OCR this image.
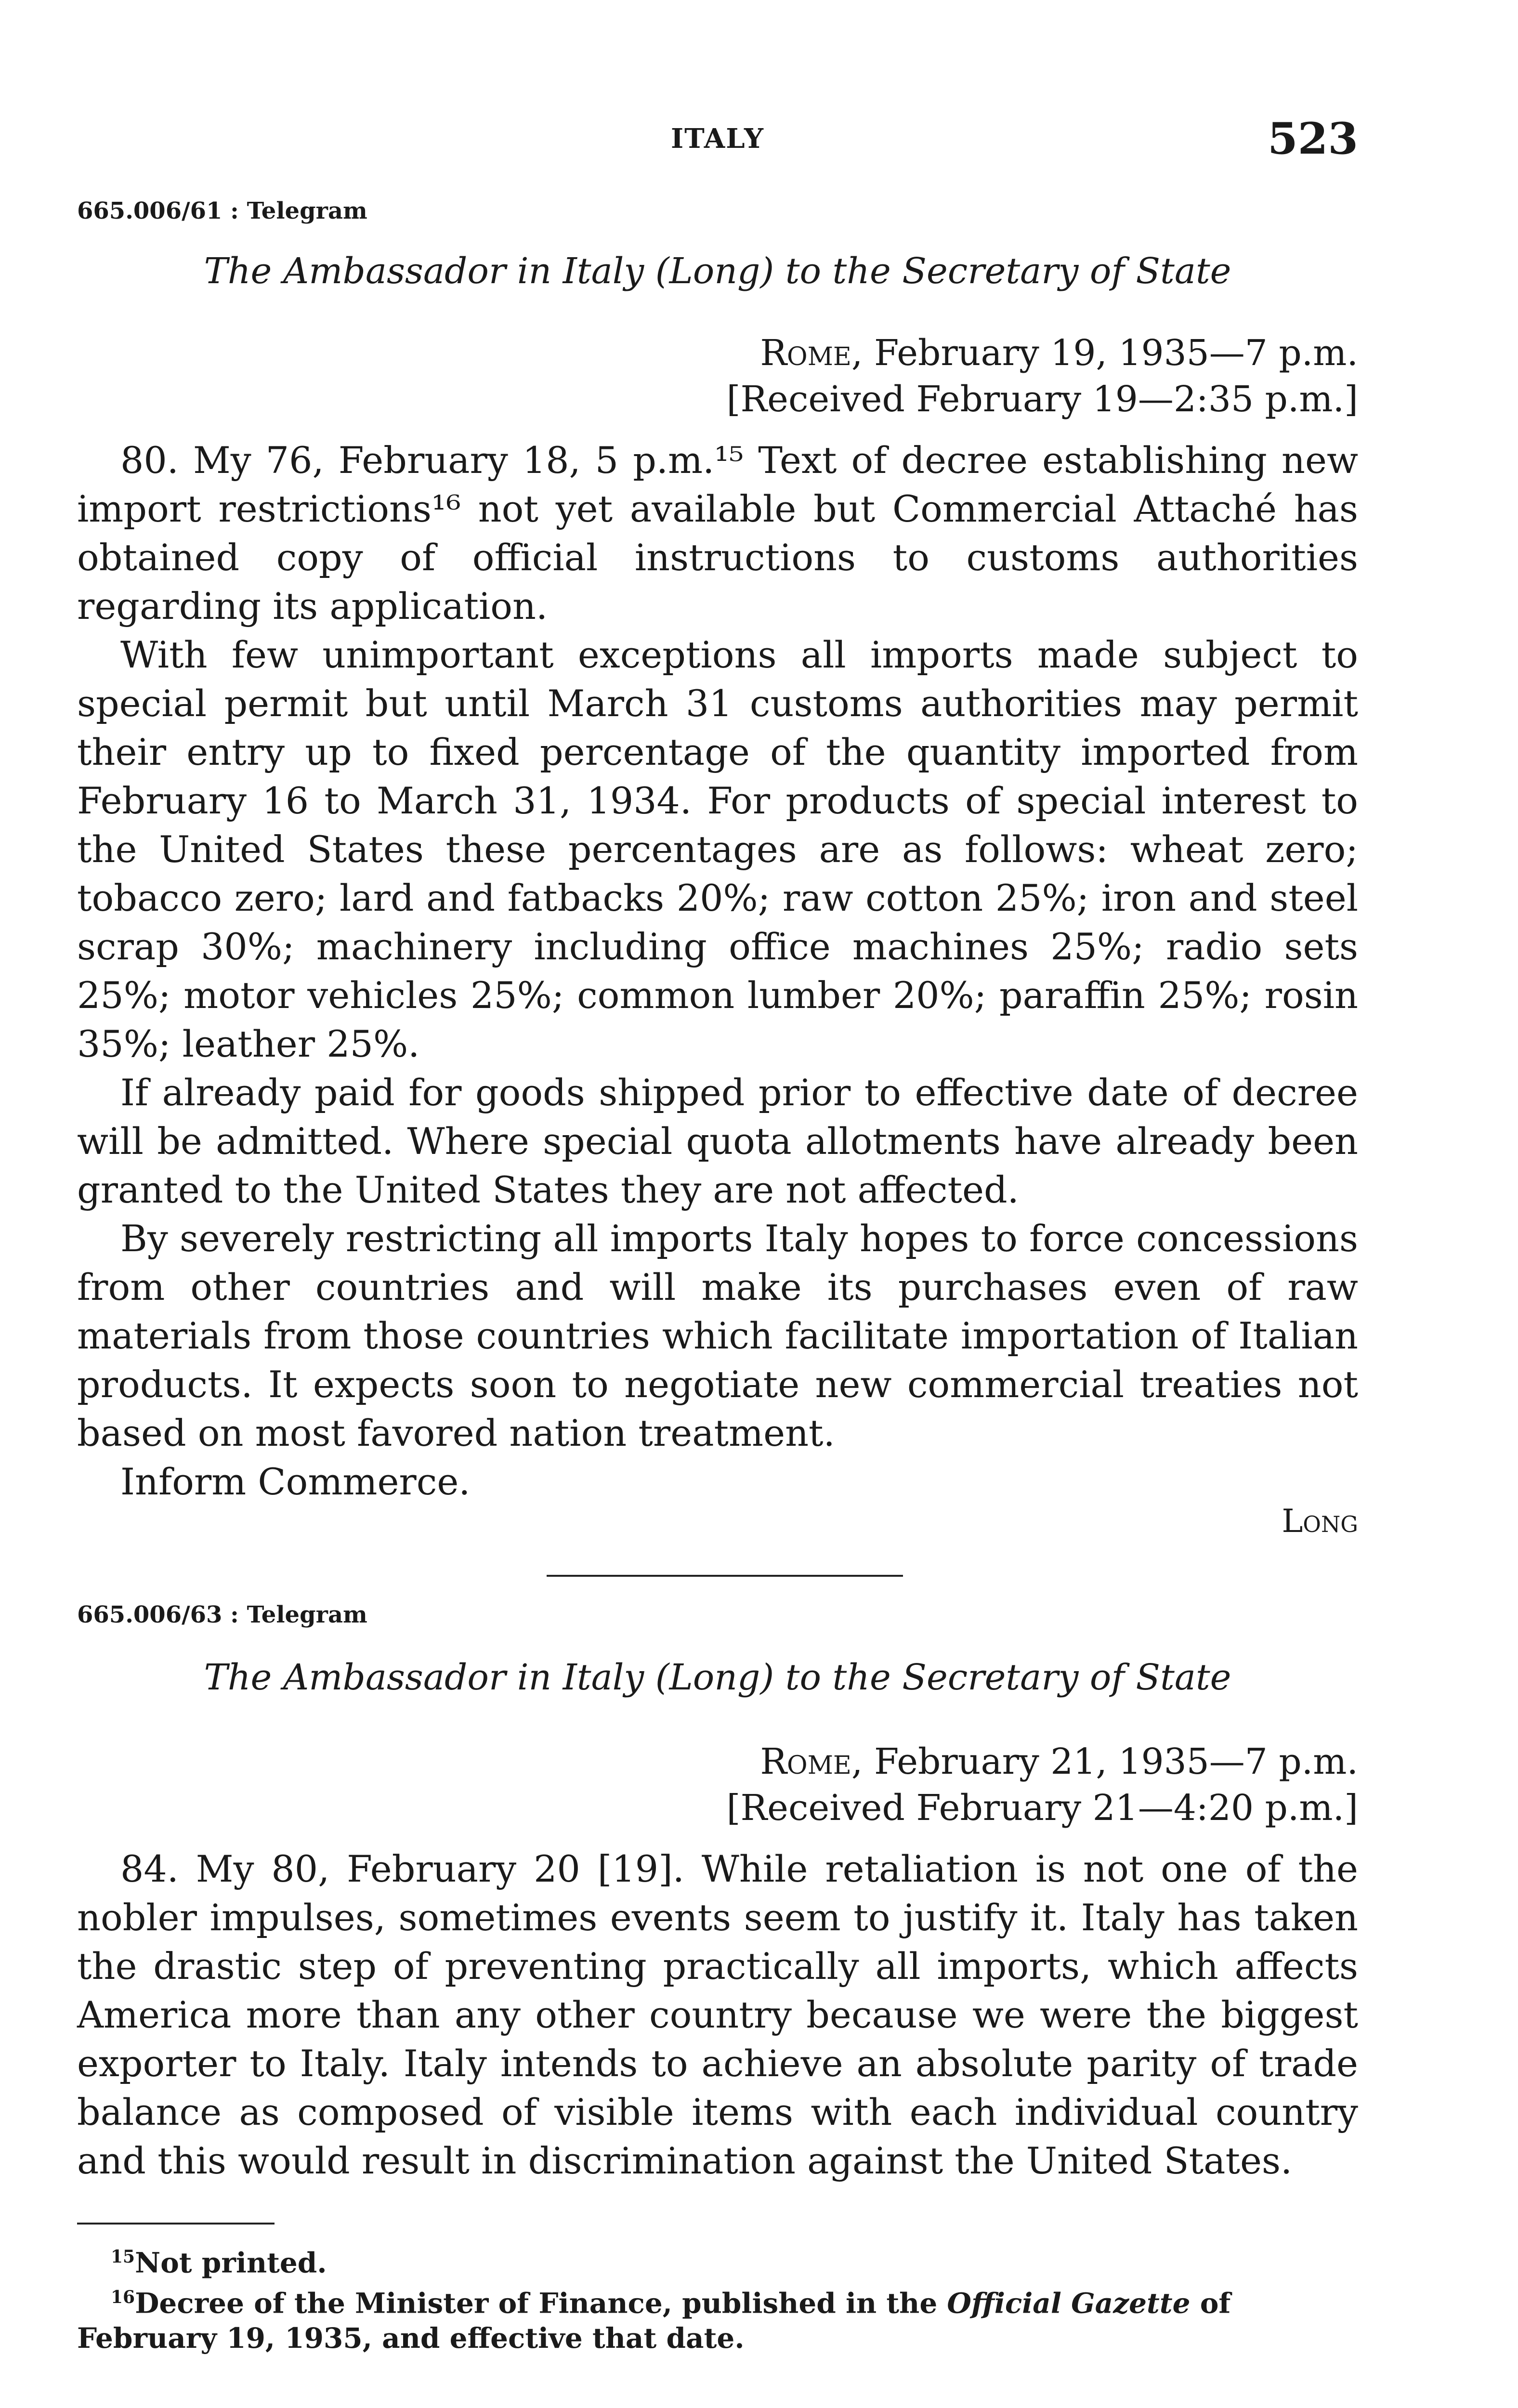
ITALY	523
665.006/61 : Telegram
The Ambassador in Italy (Long) to the Secretary of State
Rome, February 19, 1935—7 p.m.
[Received February 19—2:35 p.m.]

80. My 76, February 18, 5 p.m.¹⁵ Text of decree establishing new import restrictions¹⁶ not yet available but Commercial Attaché has obtained copy of official instructions to customs authorities regarding its application.

With few unimportant exceptions all imports made subject to special permit but until March 31 customs authorities may permit their entry up to fixed percentage of the quantity imported from February 16 to March 31, 1934. For products of special interest to the United States these percentages are as follows: wheat zero; tobacco zero; lard and fatbacks 20%; raw cotton 25%; iron and steel scrap 30%; machinery including office machines 25%; radio sets 25%; motor vehicles 25%; common lumber 20%; paraffin 25%; rosin 35%; leather 25%.

If already paid for goods shipped prior to effective date of decree will be admitted. Where special quota allotments have already been granted to the United States they are not affected.

By severely restricting all imports Italy hopes to force concessions from other countries and will make its purchases even of raw materials from those countries which facilitate importation of Italian products. It expects soon to negotiate new commercial treaties not based on most favored nation treatment.

Inform Commerce.

Long
665.006/63 : Telegram
The Ambassador in Italy (Long) to the Secretary of State
Rome, February 21, 1935—7 p.m.
[Received February 21—4:20 p.m.]

84. My 80, February 20 [19]. While retaliation is not one of the nobler impulses, sometimes events seem to justify it. Italy has taken the drastic step of preventing practically all imports, which affects America more than any other country because we were the biggest exporter to Italy. Italy intends to achieve an absolute parity of trade balance as composed of visible items with each individual country and this would result in discrimination against the United States.

$^{15}$Not printed.

$^{16}$Decree of the Minister of Finance, published in the Official Gazette of February 19, 1935, and effective that date.
